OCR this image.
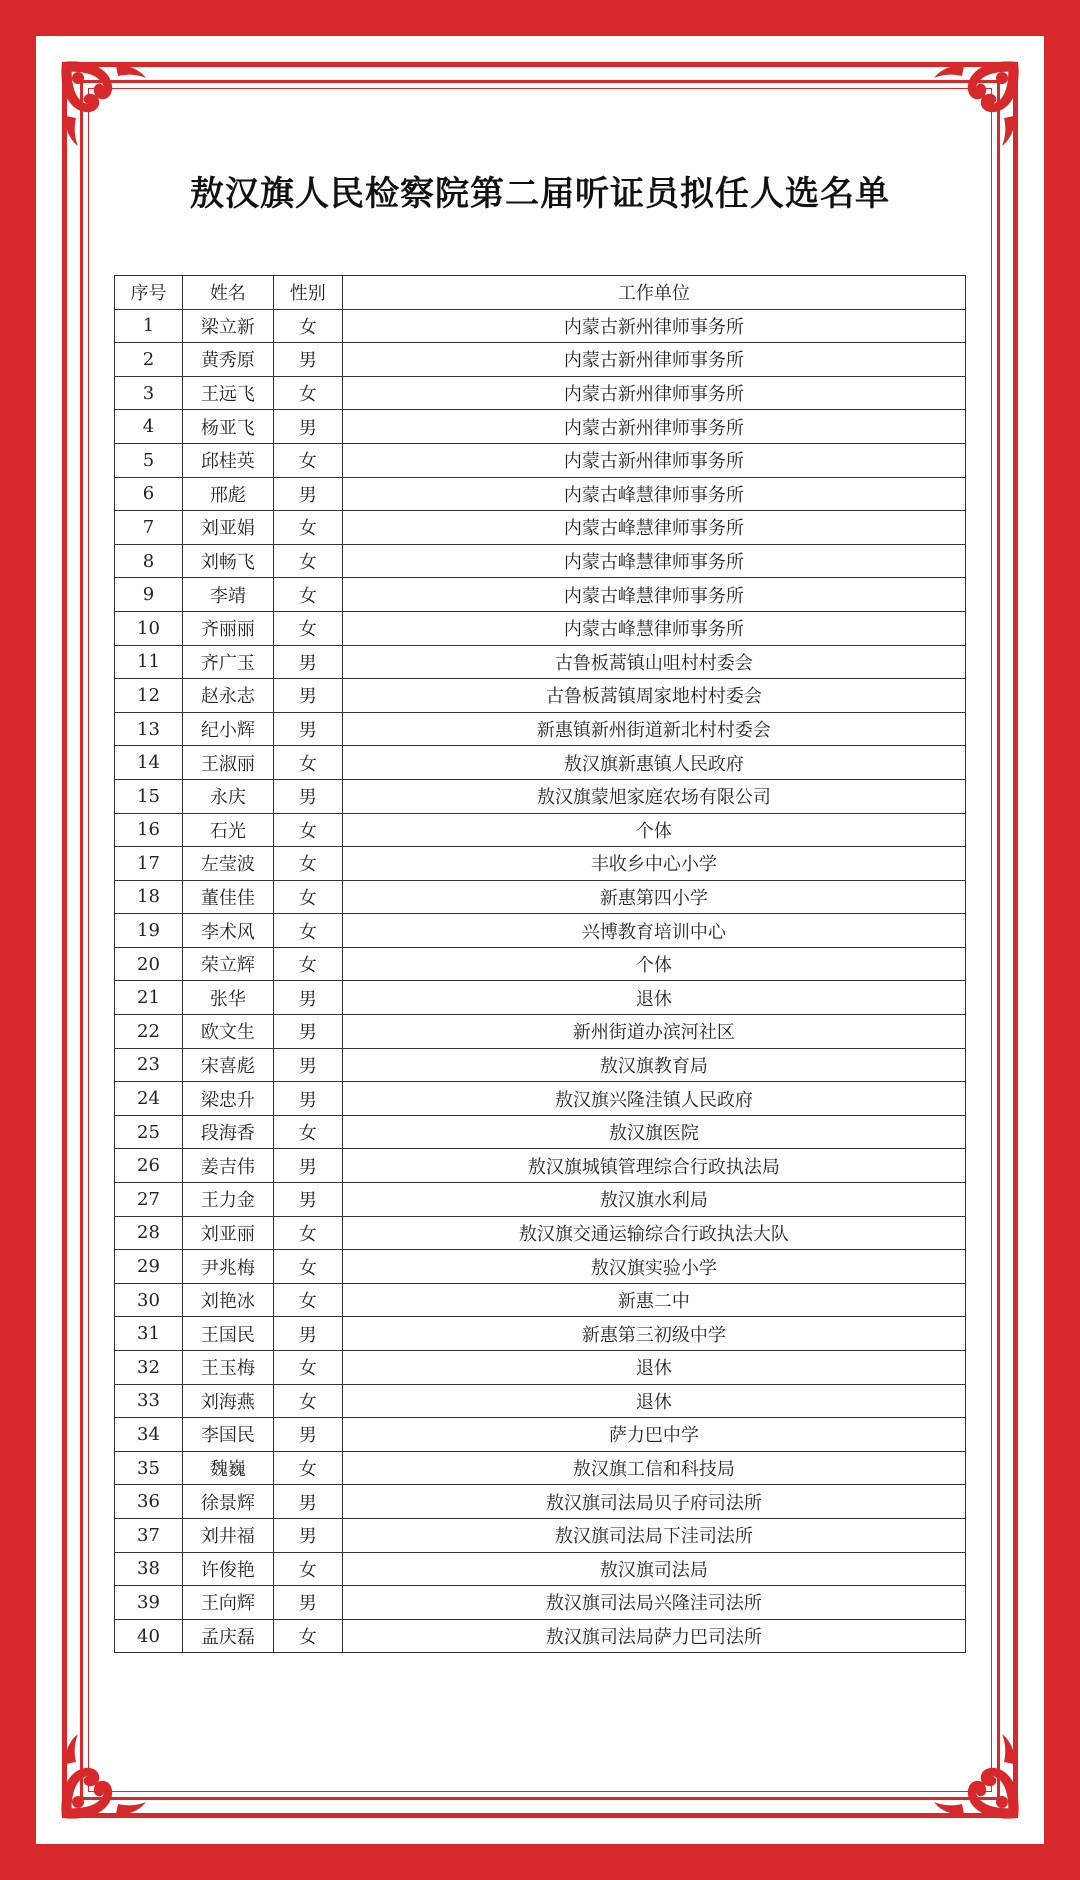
敖汉旗人民检察院第二届听证员拟任人选名单
序号	姓名	性别	工作单位
1	梁立新	女	内蒙古新州律师事务所
2	黄秀原	男	内蒙古新州律师事务所
3	王远飞	女	内蒙古新州律师事务所
4	杨亚飞	男	内蒙古新州律师事务所
5	邱桂英	女	内蒙古新州律师事务所
6	邢彪	男	内蒙古峰慧律师事务所
7	刘亚娟	女	内蒙古峰慧律师事务所
8	刘畅飞	女	内蒙古峰慧律师事务所
9	李靖	女	内蒙古峰慧律师事务所
10	齐丽丽	女	内蒙古峰慧律师事务所
11	齐广玉	男	古鲁板蒿镇山咀村村委会
12	赵永志	男	古鲁板蒿镇周家地村村委会
13	纪小辉	男	新惠镇新州街道新北村村委会
14	王淑丽	女	敖汉旗新惠镇人民政府
15	永庆	男	敖汉旗蒙旭家庭农场有限公司
16	石光	女	个体
17	左莹波	女	丰收乡中心小学
18	董佳佳	女	新惠第四小学
19	李术风	女	兴博教育培训中心
20	荣立辉	女	个体
21	张华	男	退休
22	欧文生	男	新州街道办滨河社区
23	宋喜彪	男	敖汉旗教育局
24	梁忠升	男	敖汉旗兴隆洼镇人民政府
25	段海香	女	敖汉旗医院
26	姜吉伟	男	敖汉旗城镇管理综合行政执法局
27	王力金	男	敖汉旗水利局
28	刘亚丽	女	敖汉旗交通运输综合行政执法大队
29	尹兆梅	女	敖汉旗实验小学
30	刘艳冰	女	新惠二中
31	王国民	男	新惠第三初级中学
32	王玉梅	女	退休
33	刘海燕	女	退休
34	李国民	男	萨力巴中学
35	魏巍	女	敖汉旗工信和科技局
36	徐景辉	男	敖汉旗司法局贝子府司法所
37	刘井福	男	敖汉旗司法局下洼司法所
38	许俊艳	女	敖汉旗司法局
39	王向辉	男	敖汉旗司法局兴隆洼司法所
40	孟庆磊	女	敖汉旗司法局萨力巴司法所
